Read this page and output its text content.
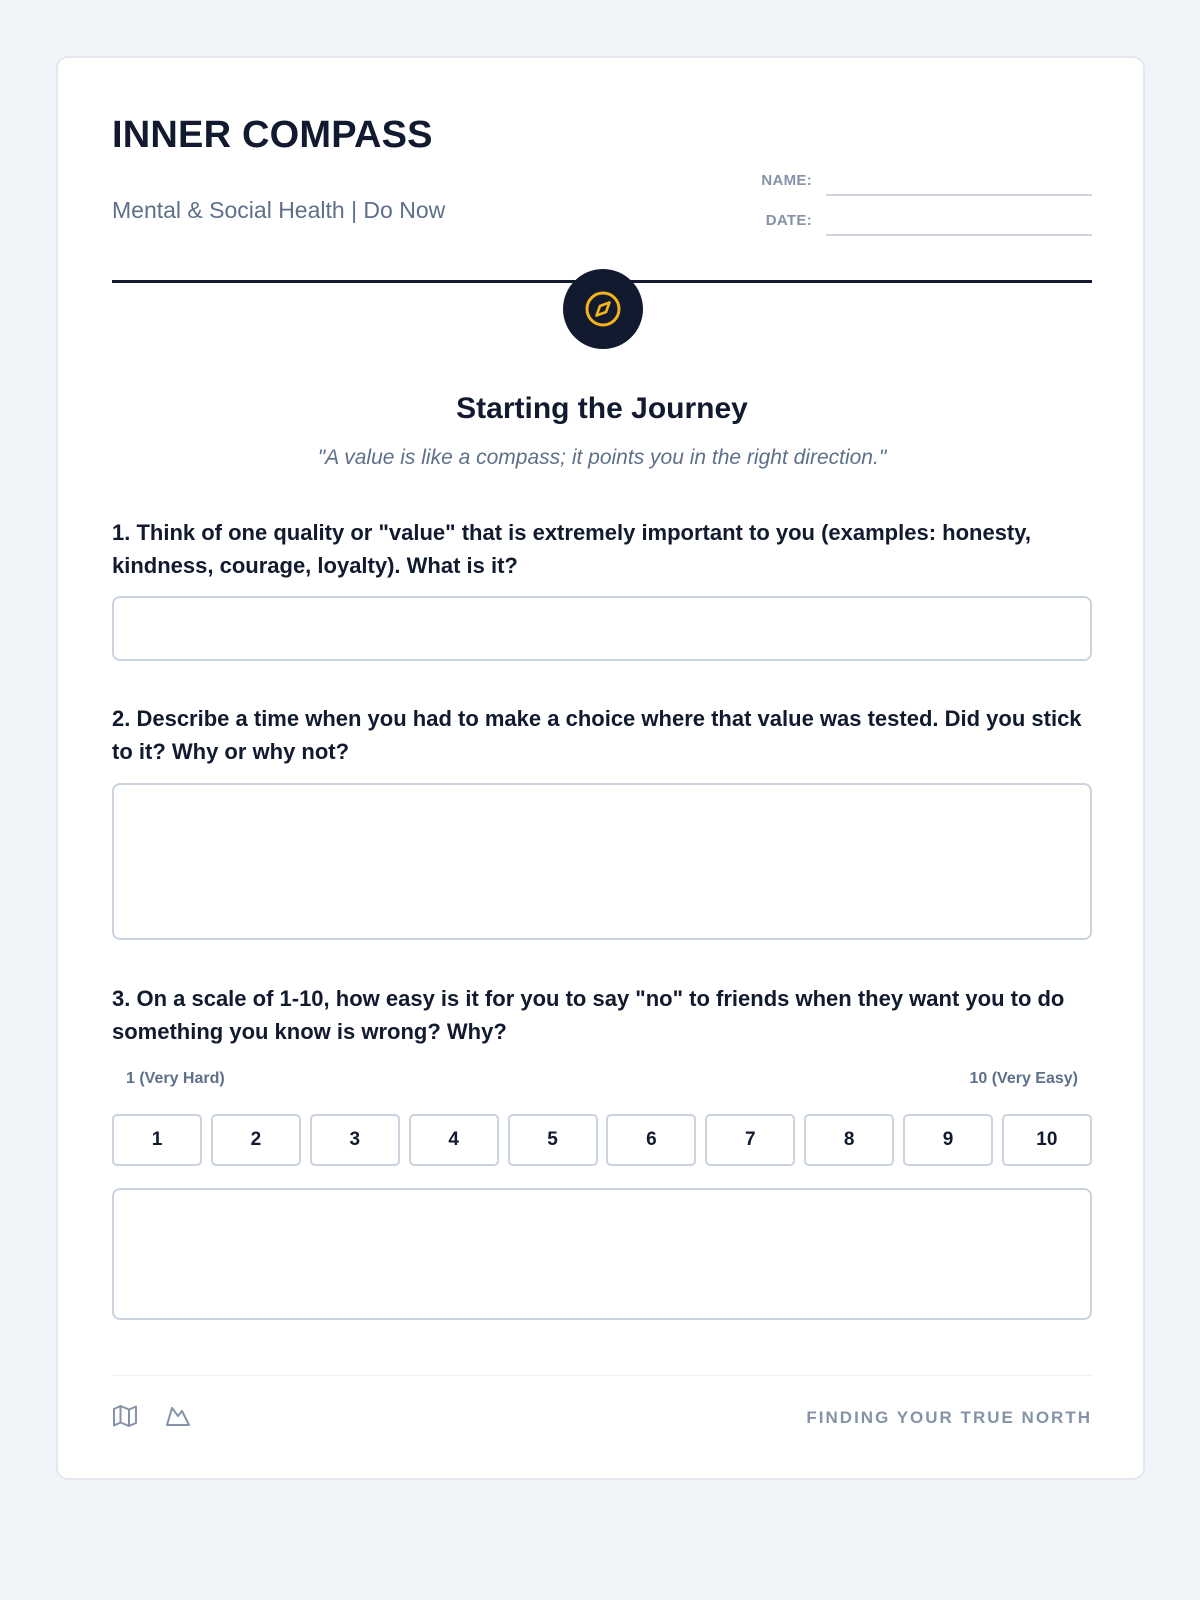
INNER COMPASS
Mental & Social Health | Do Now
NAME:
DATE:
Starting the Journey
"A value is like a compass; it points you in the right direction."
1. Think of one quality or "value" that is extremely important to you (examples: honesty, kindness, courage, loyalty). What is it?
2. Describe a time when you had to make a choice where that value was tested. Did you stick to it? Why or why not?
3. On a scale of 1-10, how easy is it for you to say "no" to friends when they want you to do something you know is wrong? Why?
1 (Very Hard)	10 (Very Easy)
1	2	3	4	5	6	7	8	9	10
FINDING YOUR TRUE NORTH
